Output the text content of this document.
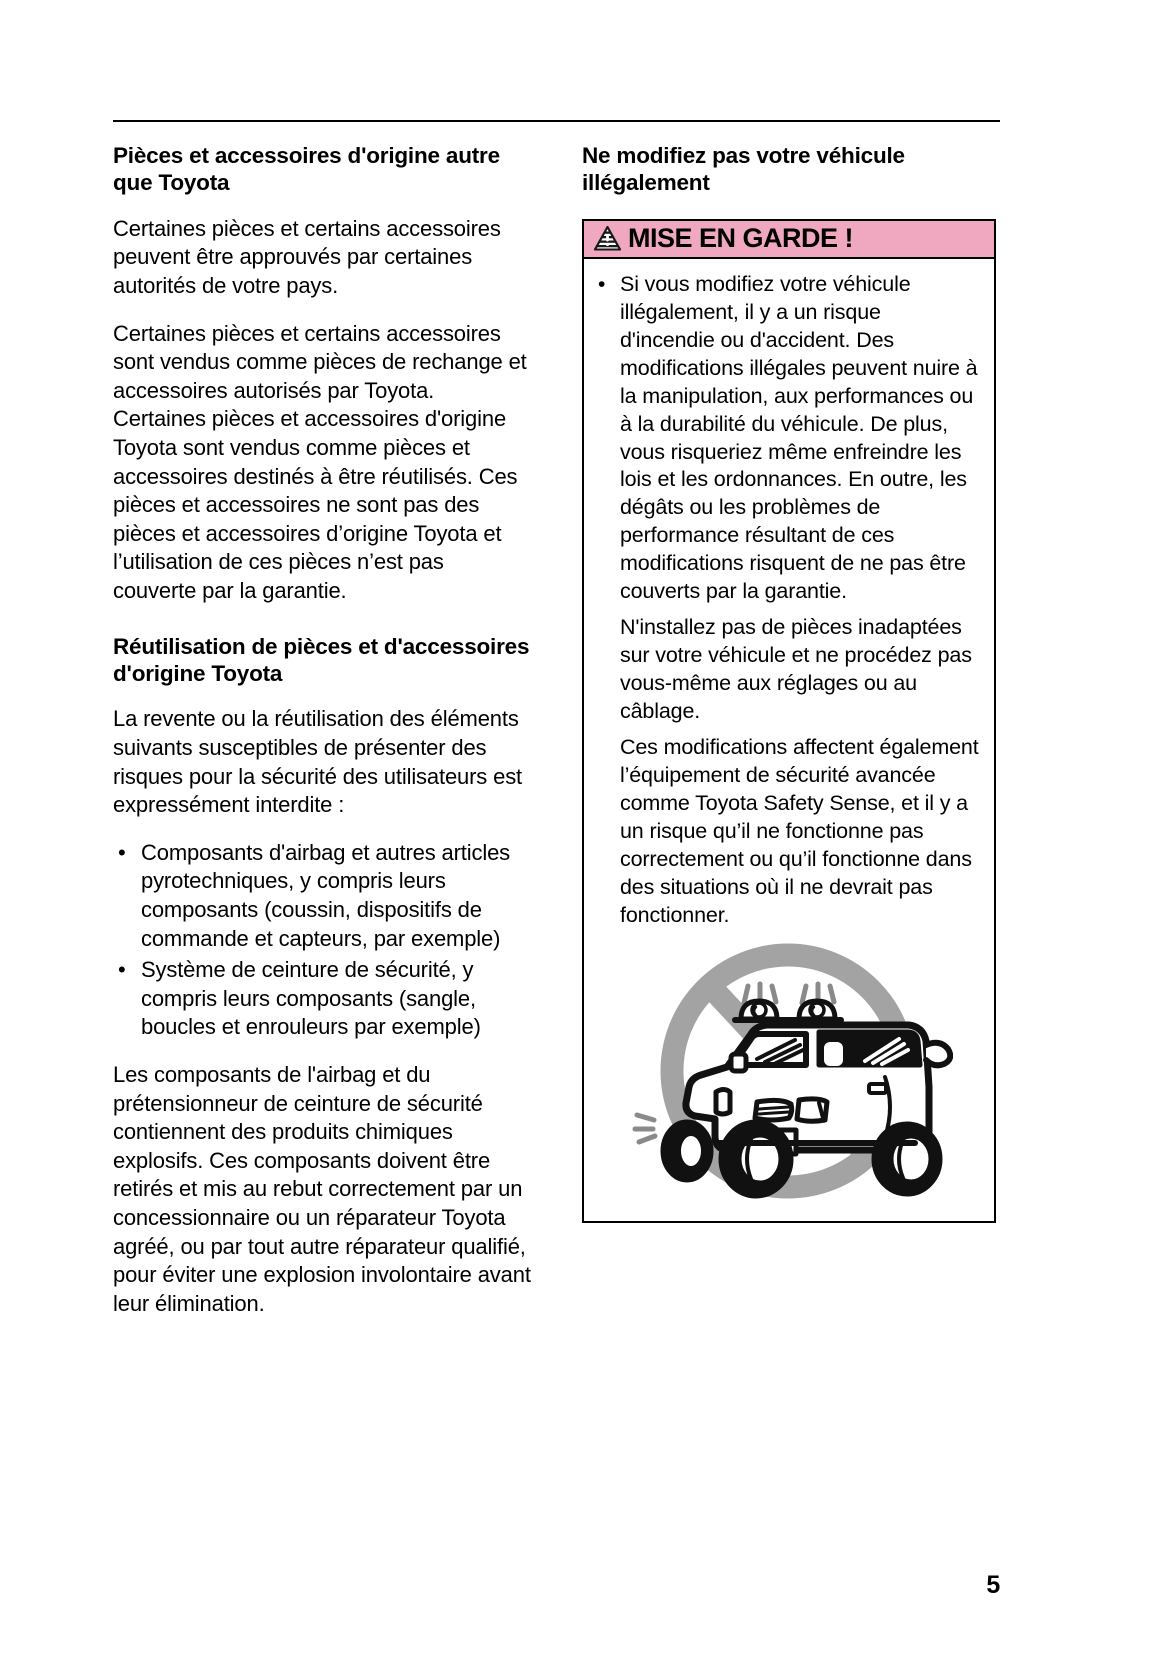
Pièces et accessoires d'origine autre que Toyota

Certaines pièces et certains accessoires peuvent être approuvés par certaines autorités de votre pays.

Certaines pièces et certains accessoires sont vendus comme pièces de rechange et accessoires autorisés par Toyota. Certaines pièces et accessoires d'origine Toyota sont vendus comme pièces et accessoires destinés à être réutilisés. Ces pièces et accessoires ne sont pas des pièces et accessoires d’origine Toyota et l’utilisation de ces pièces n’est pas couverte par la garantie.

Réutilisation de pièces et d'accessoires d'origine Toyota

La revente ou la réutilisation des éléments suivants susceptibles de présenter des risques pour la sécurité des utilisateurs est expressément interdite :

• Composants d'airbag et autres articles pyrotechniques, y compris leurs composants (coussin, dispositifs de commande et capteurs, par exemple)
• Système de ceinture de sécurité, y compris leurs composants (sangle, boucles et enrouleurs par exemple)

Les composants de l'airbag et du prétensionneur de ceinture de sécurité contiennent des produits chimiques explosifs. Ces composants doivent être retirés et mis au rebut correctement par un concessionnaire ou un réparateur Toyota agréé, ou par tout autre réparateur qualifié, pour éviter une explosion involontaire avant leur élimination.

Ne modifiez pas votre véhicule illégalement
MISE EN GARDE !
• Si vous modifiez votre véhicule illégalement, il y a un risque d'incendie ou d'accident. Des modifications illégales peuvent nuire à la manipulation, aux performances ou à la durabilité du véhicule. De plus, vous risqueriez même enfreindre les lois et les ordonnances. En outre, les dégâts ou les problèmes de performance résultant de ces modifications risquent de ne pas être couverts par la garantie.

N'installez pas de pièces inadaptées sur votre véhicule et ne procédez pas vous-même aux réglages ou au câblage.

Ces modifications affectent également l’équipement de sécurité avancée comme Toyota Safety Sense, et il y a un risque qu’il ne fonctionne pas correctement ou qu’il fonctionne dans des situations où il ne devrait pas fonctionner.

5
